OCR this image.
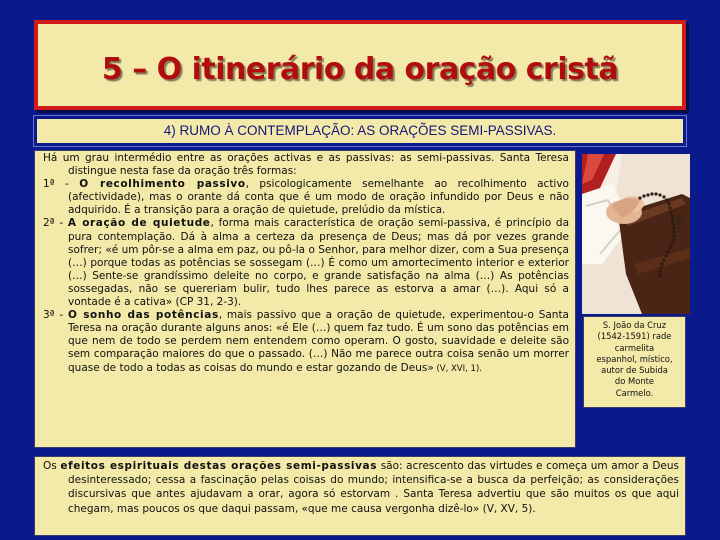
5 – O itinerário da oração cristã
4) RUMO À CONTEMPLAÇÃO: AS ORAÇÕES SEMI-PASSIVAS.

Há um grau intermédio entre as orações activas e as passivas: as semi-passivas. Santa Teresa distingue nesta fase da oração três formas:

1ª - O recolhimento passivo, psicologicamente semelhante ao recolhimento activo (afectividade), mas o orante dá conta que é um modo de oração infundido por Deus e não adquirido. É a transição para a oração de quietude, prelúdio da mística.

2ª - A oração de quietude, forma mais característica de oração semi-passiva, é princípio da pura contemplação. Dá à alma a certeza da presença de Deus; mas dá por vezes grande sofrer; «é um pôr-se a alma em paz, ou pô-la o Senhor, para melhor dizer, com a Sua presença (…) porque todas as potências se sossegam (…) É como um amortecimento interior e exterior (…) Sente-se grandíssimo deleite no corpo, e grande satisfação na alma (…) As potências sossegadas, não se quereriam bulir, tudo lhes parece as estorva a amar (…). Aqui só a vontade é a cativa» (CP 31, 2-3).

3ª - O sonho das potências, mais passivo que a oração de quietude, experimentou-o Santa Teresa na oração durante alguns anos: «é Ele (…) quem faz tudo. É um sono das potências em que nem de todo se perdem nem entendem como operam. O gosto, suavidade e deleite são sem comparação maiores do que o passado. (…) Não me parece outra coisa senão um morrer quase de todo a todas as coisas do mundo e estar gozando de Deus» (V, XVI, 1).

S. João da Cruz
(1542-1591) rade
carmelita
espanhol, místico,
autor de Subida
do Monte
Carmelo.

Os efeitos espirituais destas orações semi-passivas são: acrescento das virtudes e começa um amor a Deus desinteressado; cessa a fascinação pelas coisas do mundo; intensifica-se a busca da perfeição; as considerações discursivas que antes ajudavam a orar, agora só estorvam . Santa Teresa advertiu que são muitos os que aqui chegam, mas poucos os que daqui passam, «que me causa vergonha dizê-lo» (V, XV, 5).
